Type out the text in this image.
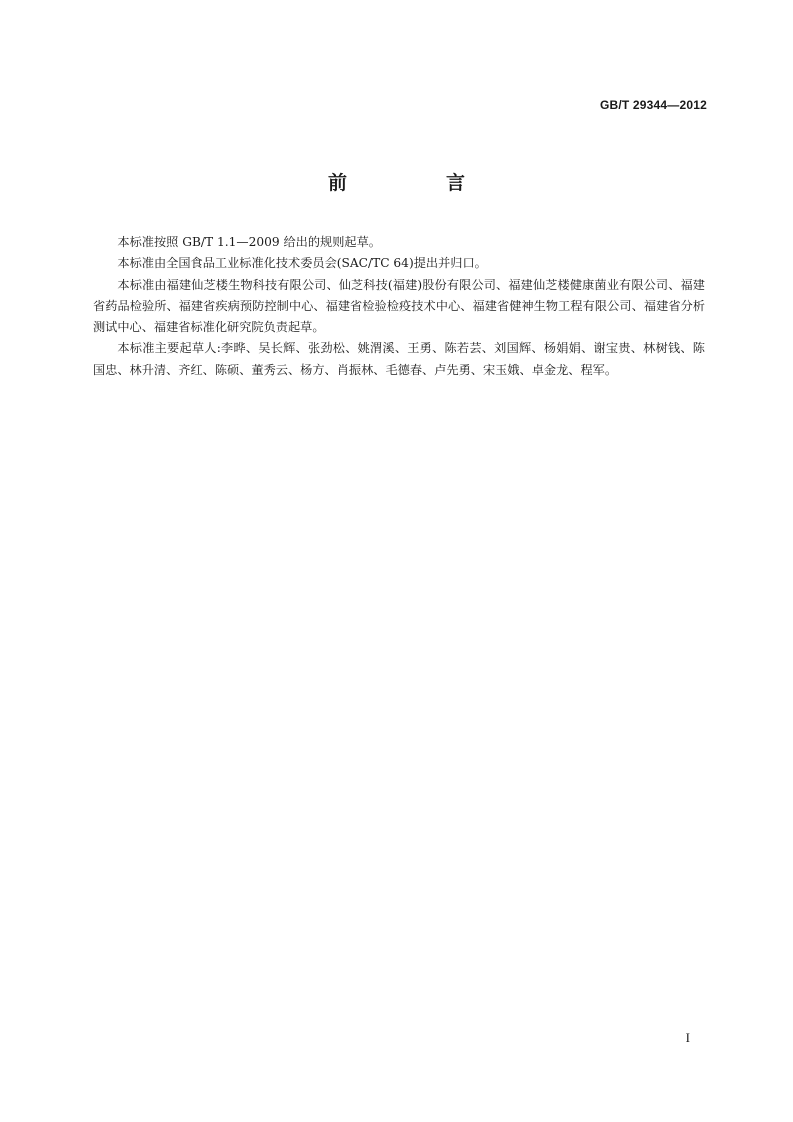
GB/T 29344—2012
前　言

本标准按照 GB/T 1.1—2009 给出的规则起草。

本标准由全国食品工业标准化技术委员会(SAC/TC 64)提出并归口。

本标准由福建仙芝楼生物科技有限公司、仙芝科技(福建)股份有限公司、福建仙芝楼健康菌业有限公司、福建省药品检验所、福建省疾病预防控制中心、福建省检验检疫技术中心、福建省健神生物工程有限公司、福建省分析测试中心、福建省标准化研究院负责起草。

本标准主要起草人:李晔、吴长辉、张劲松、姚渭溪、王勇、陈若芸、刘国辉、杨娟娟、谢宝贵、林树钱、陈国忠、林升清、齐红、陈硕、董秀云、杨方、肖振林、毛德春、卢先勇、宋玉娥、卓金龙、程军。

I
